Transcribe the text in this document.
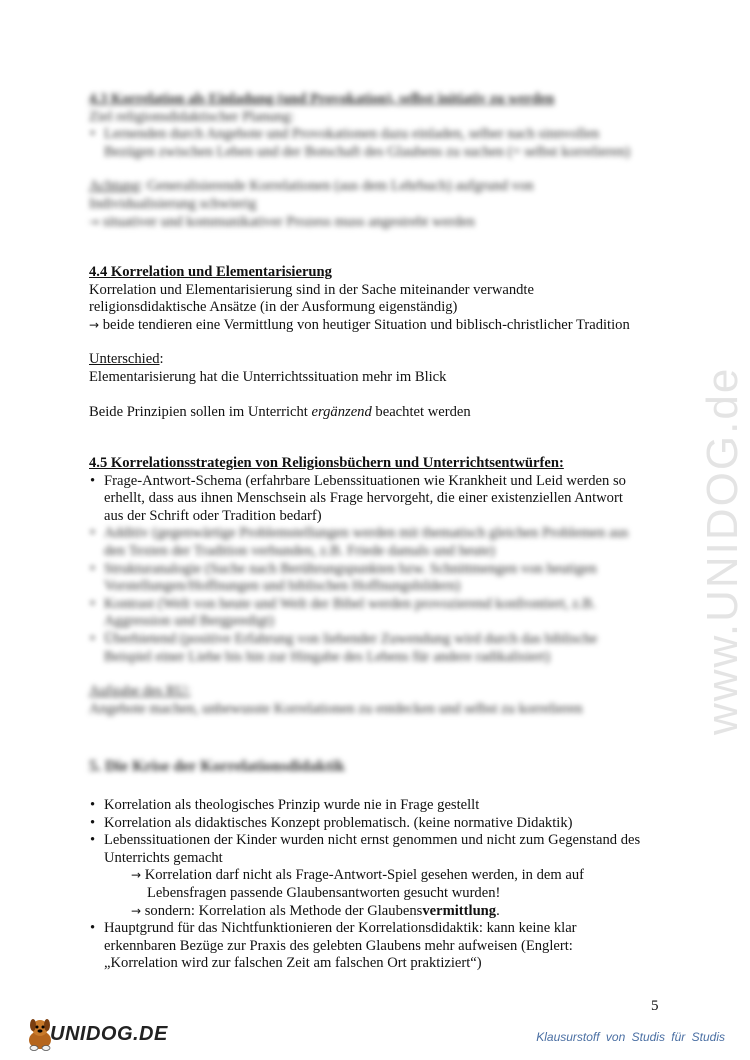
www.UNIDOG.de
4.3 Korrelation als Einladung (und Provokation), selbst initiativ zu werden
Ziel religionsdidaktischer Planung:
• Lernenden durch Angebote und Provokationen dazu einladen, selber nach sinnvollen
Bezügen zwischen Leben und der Botschaft des Glaubens zu suchen (= selbst korrelieren)
Achtung: Generalisierende Korrelationen (aus dem Lehrbuch) aufgrund von
Individualisierung schwierig
→ situativer und kommunikativer Prozess muss angestrebt werden
4.4 Korrelation und Elementarisierung
Korrelation und Elementarisierung sind in der Sache miteinander verwandte
religionsdidaktische Ansätze (in der Ausformung eigenständig)
→ beide tendieren eine Vermittlung von heutiger Situation und biblisch-christlicher Tradition
Unterschied:
Elementarisierung hat die Unterrichtssituation mehr im Blick
Beide Prinzipien sollen im Unterricht ergänzend beachtet werden
4.5 Korrelationsstrategien von Religionsbüchern und Unterrichtsentwürfen:
• Frage-Antwort-Schema (erfahrbare Lebenssituationen wie Krankheit und Leid werden so
erhellt, dass aus ihnen Menschsein als Frage hervorgeht, die einer existenziellen Antwort
aus der Schrift oder Tradition bedarf)
• Additiv (gegenwärtige Problemstellungen werden mit thematisch gleichen Problemen aus
den Texten der Tradition verbunden, z.B. Friede damals und heute)
• Strukturanalogie (Suche nach Berührungspunkten bzw. Schnittmengen von heutigen
Vorstellungen/Hoffnungen und biblischen Hoffnungsbildern)
• Kontrast (Welt von heute und Welt der Bibel werden provozierend konfrontiert, z.B.
Aggression und Bergpredigt)
• Überbietend (positive Erfahrung von liebender Zuwendung wird durch das biblische
Beispiel einer Liebe bis hin zur Hingabe des Lebens für andere radikalisiert)
Aufgabe des RU:
Angebote machen, unbewusste Korrelationen zu entdecken und selbst zu korrelieren
5. Die Krise der Korrelationsdidaktik
• Korrelation als theologisches Prinzip wurde nie in Frage gestellt
• Korrelation als didaktisches Konzept problematisch. (keine normative Didaktik)
• Lebenssituationen der Kinder wurden nicht ernst genommen und nicht zum Gegenstand des
Unterrichts gemacht
→ Korrelation darf nicht als Frage-Antwort-Spiel gesehen werden, in dem auf
Lebensfragen passende Glaubensantworten gesucht wurden!
→ sondern: Korrelation als Methode der Glaubensvermittlung.
• Hauptgrund für das Nichtfunktionieren der Korrelationsdidaktik: kann keine klar
erkennbaren Bezüge zur Praxis des gelebten Glaubens mehr aufweisen (Englert:
„Korrelation wird zur falschen Zeit am falschen Ort praktiziert“)
5
UNIDOG.DE	Klausurstoff von Studis für Studis
